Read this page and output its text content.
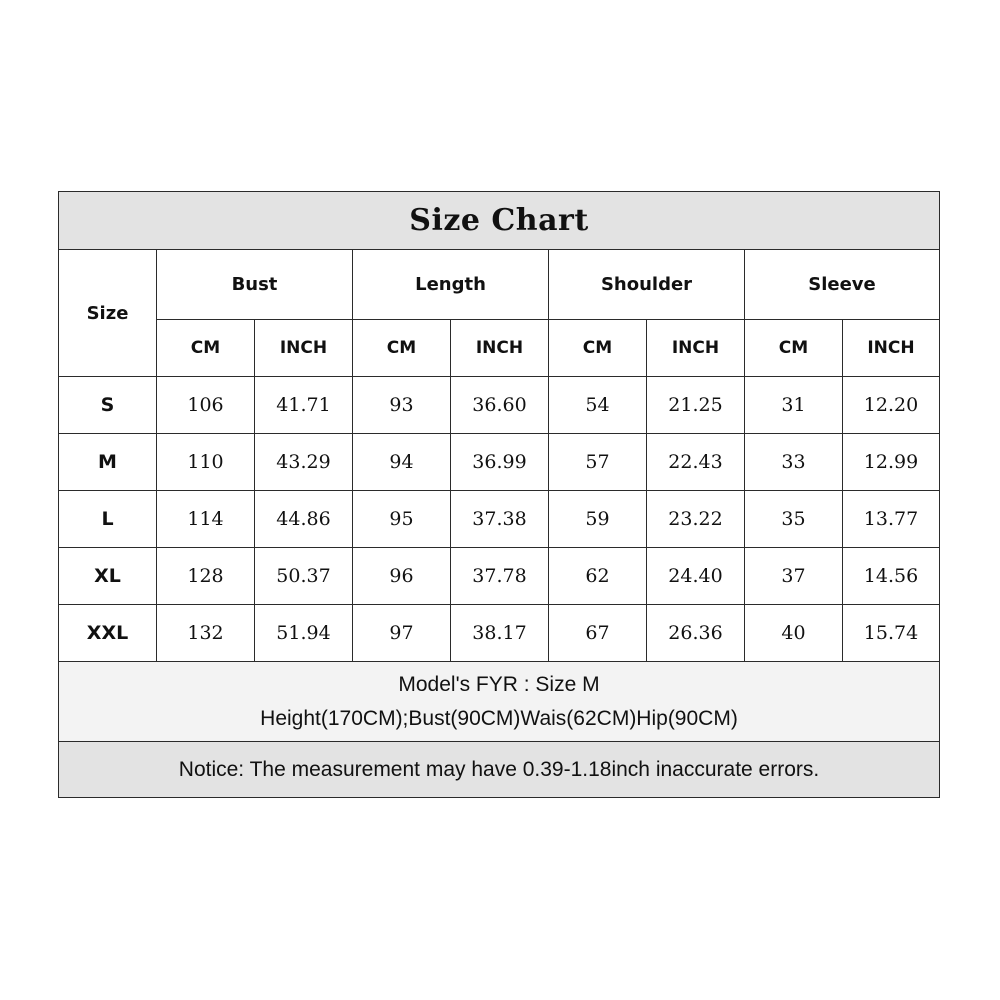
Size Chart								
Size	Bust		Length		Shoulder		Sleeve	
	CM	INCH	CM	INCH	CM	INCH	CM	INCH
S	106	41.71	93	36.60	54	21.25	31	12.20
M	110	43.29	94	36.99	57	22.43	33	12.99
L	114	44.86	95	37.38	59	23.22	35	13.77
XL	128	50.37	96	37.78	62	24.40	37	14.56
XXL	132	51.94	97	38.17	67	26.36	40	15.74

Model's FYR : Size M
Height(170CM);Bust(90CM)Wais(62CM)Hip(90CM)								

Notice: The measurement may have 0.39-1.18inch inaccurate errors.								
